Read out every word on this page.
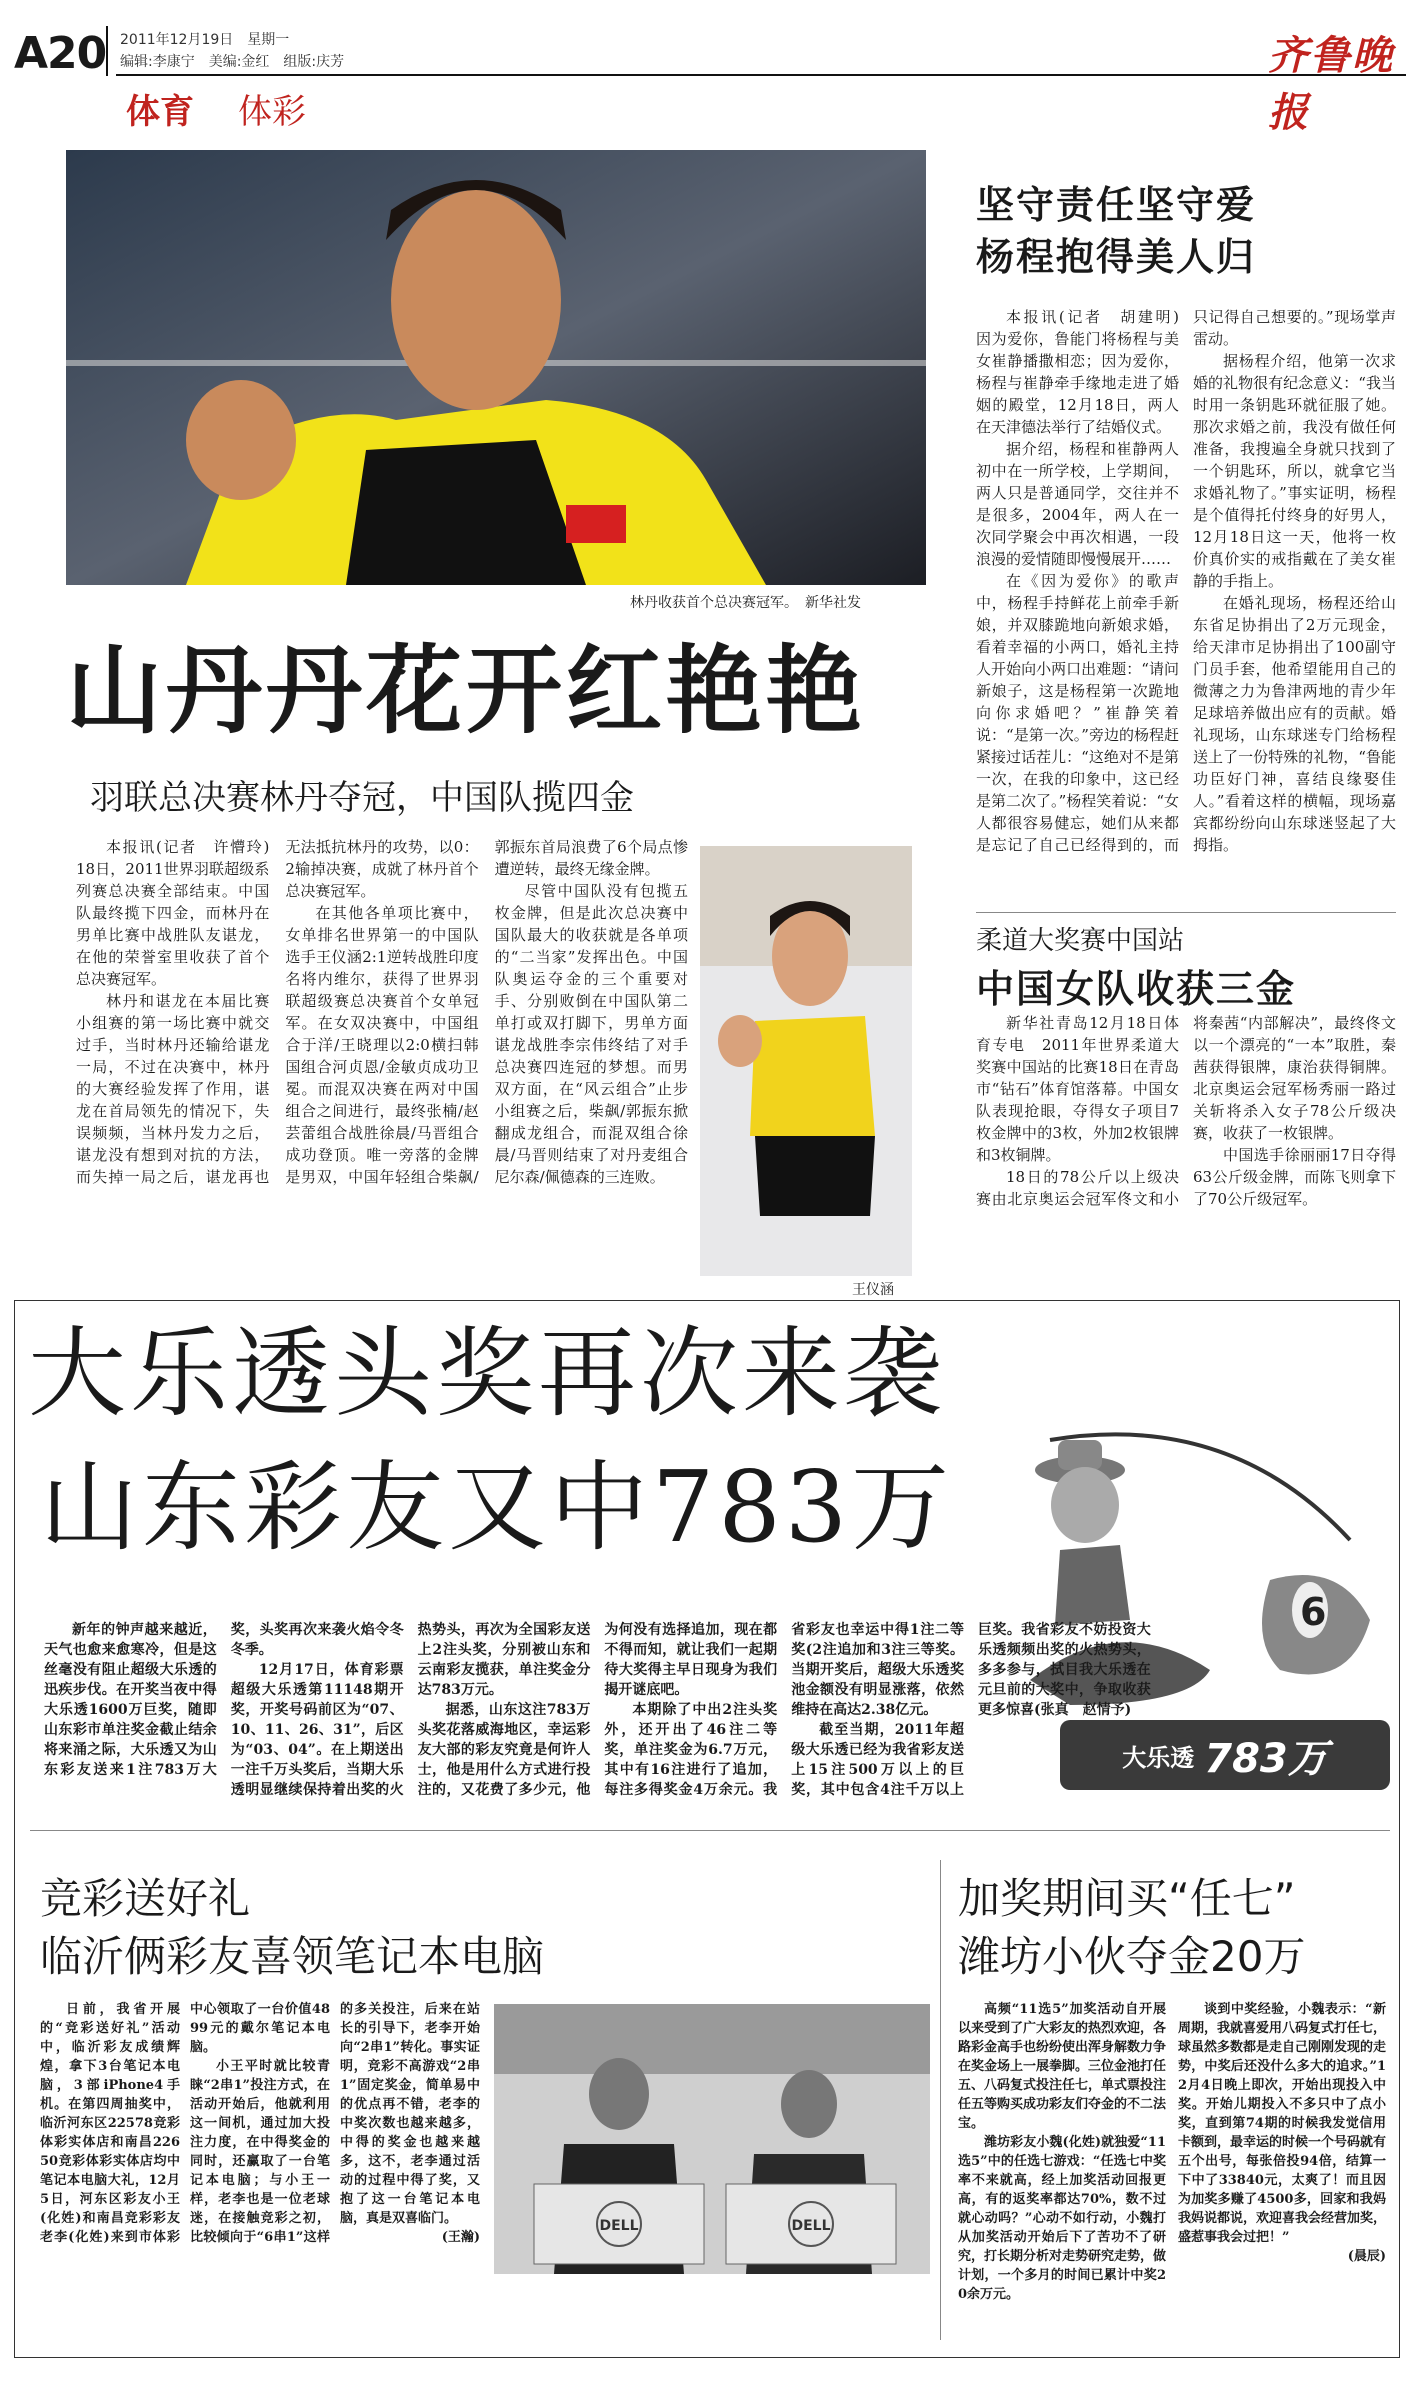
A20 2011年12月19日　星期一
编辑:李康宁　美编:金红　组版:庆芳
体育 体彩
齐鲁晚报
林丹收获首个总决赛冠军。　新华社发
山丹丹花开红艳艳
羽联总决赛林丹夺冠，中国队揽四金

本报讯(记者　许懵玲)　18日，2011世界羽联超级系列赛总决赛全部结束。中国队最终揽下四金，而林丹在男单比赛中战胜队友谌龙，在他的荣誉室里收获了首个总决赛冠军。

林丹和谌龙在本届比赛小组赛的第一场比赛中就交过手，当时林丹还输给谌龙一局，不过在决赛中，林丹的大赛经验发挥了作用，谌龙在首局领先的情况下，失误频频，当林丹发力之后，谌龙没有想到对抗的方法，而失掉一局之后，谌龙再也无法抵抗林丹的攻势，以0：2输掉决赛，成就了林丹首个总决赛冠军。

在其他各单项比赛中，女单排名世界第一的中国队选手王仪涵2:1逆转战胜印度名将内维尔，获得了世界羽联超级赛总决赛首个女单冠军。在女双决赛中，中国组合于洋/王晓理以2:0横扫韩国组合河贞恩/金敏贞成功卫冕。而混双决赛在两对中国组合之间进行，最终张楠/赵芸蕾组合战胜徐晨/马晋组合成功登顶。唯一旁落的金牌是男双，中国年轻组合柴飙/郭振东首局浪费了6个局点惨遭逆转，最终无缘金牌。

尽管中国队没有包揽五枚金牌，但是此次总决赛中国队最大的收获就是各单项的“二当家”发挥出色。中国队奥运夺金的三个重要对手、分别败倒在中国队第二单打或双打脚下，男单方面谌龙战胜李宗伟终结了对手总决赛四连冠的梦想。而男双方面，在“风云组合”止步小组赛之后，柴飙/郭振东掀翻成龙组合，而混双组合徐晨/马晋则结束了对丹麦组合尼尔森/佩德森的三连败。

王仪涵
坚守责任坚守爱
杨程抱得美人归

本报讯(记者　胡建明)　因为爱你，鲁能门将杨程与美女崔静播撒相恋；因为爱你，杨程与崔静牵手缘地走进了婚姻的殿堂，12月18日，两人在天津德法举行了结婚仪式。

据介绍，杨程和崔静两人初中在一所学校，上学期间，两人只是普通同学，交往并不是很多，2004年，两人在一次同学聚会中再次相遇，一段浪漫的爱情随即慢慢展开……

在《因为爱你》的歌声中，杨程手持鲜花上前牵手新娘，并双膝跪地向新娘求婚，看着幸福的小两口，婚礼主持人开始向小两口出难题：“请问新娘子，这是杨程第一次跪地向你求婚吧？”崔静笑着说：“是第一次。”旁边的杨程赶紧接过话茬儿：“这绝对不是第一次，在我的印象中，这已经是第二次了。”杨程笑着说：“女人都很容易健忘，她们从来都是忘记了自己已经得到的，而只记得自己想要的。”现场掌声雷动。

据杨程介绍，他第一次求婚的礼物很有纪念意义：“我当时用一条钥匙环就征服了她。那次求婚之前，我没有做任何准备，我搜遍全身就只找到了一个钥匙环，所以，就拿它当求婚礼物了。”事实证明，杨程是个值得托付终身的好男人，12月18日这一天，他将一枚价真价实的戒指戴在了美女崔静的手指上。

在婚礼现场，杨程还给山东省足协捐出了2万元现金，给天津市足协捐出了100副守门员手套，他希望能用自己的微薄之力为鲁津两地的青少年足球培养做出应有的贡献。婚礼现场，山东球迷专门给杨程送上了一份特殊的礼物，“鲁能功臣好门神，喜结良缘娶佳人。”看着这样的横幅，现场嘉宾都纷纷向山东球迷竖起了大拇指。

柔道大奖赛中国站
中国女队收获三金

新华社青岛12月18日体育专电　2011年世界柔道大奖赛中国站的比赛18日在青岛市“钻石”体育馆落幕。中国女队表现抢眼，夺得女子项目7枚金牌中的3枚，外加2枚银牌和3枚铜牌。

18日的78公斤以上级决赛由北京奥运会冠军佟文和小将秦茜“内部解决”，最终佟文以一个漂亮的“一本”取胜，秦茜获得银牌，康治获得铜牌。北京奥运会冠军杨秀丽一路过关斩将杀入女子78公斤级决赛，收获了一枚银牌。

中国选手徐丽丽17日夺得63公斤级金牌，而陈飞则拿下了70公斤级冠军。

大乐透头奖再次来袭
山东彩友又中783万
6
大乐透 783万

新年的钟声越来越近，天气也愈来愈寒冷，但是这丝毫没有阻止超级大乐透的迅疾步伐。在开奖当夜中得大乐透1600万巨奖，随即山东彩市单注奖金截止结余将来涌之际，大乐透又为山东彩友送来1注783万大奖，头奖再次来袭火焰令冬冬季。

12月17日，体育彩票超级大乐透第11148期开奖，开奖号码前区为“07、10、11、26、31”，后区为“03、04”。在上期送出一注千万头奖后，当期大乐透明显继续保持着出奖的火热势头，再次为全国彩友送上2注头奖，分别被山东和云南彩友揽获，单注奖金分达783万元。

据悉，山东这注783万头奖花落威海地区，幸运彩友大部的彩友究竟是何许人士，他是用什么方式进行投注的，又花费了多少元，他为何没有选择追加，现在都不得而知，就让我们一起期待大奖得主早日现身为我们揭开谜底吧。

本期除了中出2注头奖外，还开出了46注二等奖，单注奖金为6.7万元，其中有16注进行了追加，每注多得奖金4万余元。我省彩友也幸运中得1注二等奖(2注追加和3注三等奖。当期开奖后，超级大乐透奖池金额没有明显涨落，依然维持在高达2.38亿元。

截至当期，2011年超级大乐透已经为我省彩友送上15注500万以上的巨奖，其中包含4注千万以上巨奖。我省彩友不妨投资大乐透频频出奖的火热势头，多多参与，拭目我大乐透在元旦前的大奖中，争取收获更多惊喜(张真　赵情予)

竞彩送好礼
临沂俩彩友喜领笔记本电脑

日前，我省开展的“竞彩送好礼”活动中，临沂彩友成绩辉煌，拿下3台笔记本电脑，3部iPhone4手机。在第四周抽奖中，临沂河东区22578竞彩体彩实体店和南昌22650竞彩体彩实体店均中笔记本电脑大礼，12月5日，河东区彩友小王(化姓)和南昌竞彩彩友老李(化姓)来到市体彩中心领取了一台价值4899元的戴尔笔记本电脑。

小王平时就比较青睐“2串1”投注方式，在活动开始后，他就利用这一间机，通过加大投注力度，在中得奖金的同时，还赢取了一台笔记本电脑；与小王一样，老李也是一位老球迷，在接触竞彩之初，比较倾向于“6串1”这样的多关投注，后来在站长的引导下，老李开始向“2串1”转化。事实证明，竞彩不高游戏“2串1”固定奖金，简单易中的优点再不错，老李的中奖次数也越来越多，中得的奖金也越来越多，这不，老李通过活动的过程中得了奖，又抱了这一台笔记本电脑，真是双喜临门。

(王瀚)

DELL	DELL
加奖期间买“任七”
潍坊小伙夺金20万

高频“11选5”加奖活动自开展以来受到了广大彩友的热烈欢迎，各路彩金高手也纷纷使出浑身解数力争在奖金场上一展拳脚。三位金池打任五、八码复式投注任七，单式票投注任五等购买成功彩友们夺金的不二法宝。

潍坊彩友小魏(化姓)就独爱“11选5”中的任选七游戏：“任选七中奖率不来就高，经上加奖活动回报更高，有的返奖率都达70%，数不过就心动吗？”心动不如行动，小魏打从加奖活动开始后下了苦功不了研究，打长期分析对走势研究走势，做计划，一个多月的时间已累计中奖20余万元。

谈到中奖经验，小魏表示：“新周期，我就喜爱用八码复式打任七，球虽然多数都是走自己刚刚发现的走势，中奖后还没什么多大的追求。”12月4日晚上即次，开始出现投入中奖。开始儿期投入不多只中了点小奖，直到第74期的时候我发觉信用卡额到，最幸运的时候一个号码就有五个出号，每张倍投94倍，结算一下中了33840元，太爽了！而且因为加奖多赚了4500多，回家和我妈我妈说都说，欢迎喜我会经营加奖，盛惹事我会过把！”

(晨辰)
